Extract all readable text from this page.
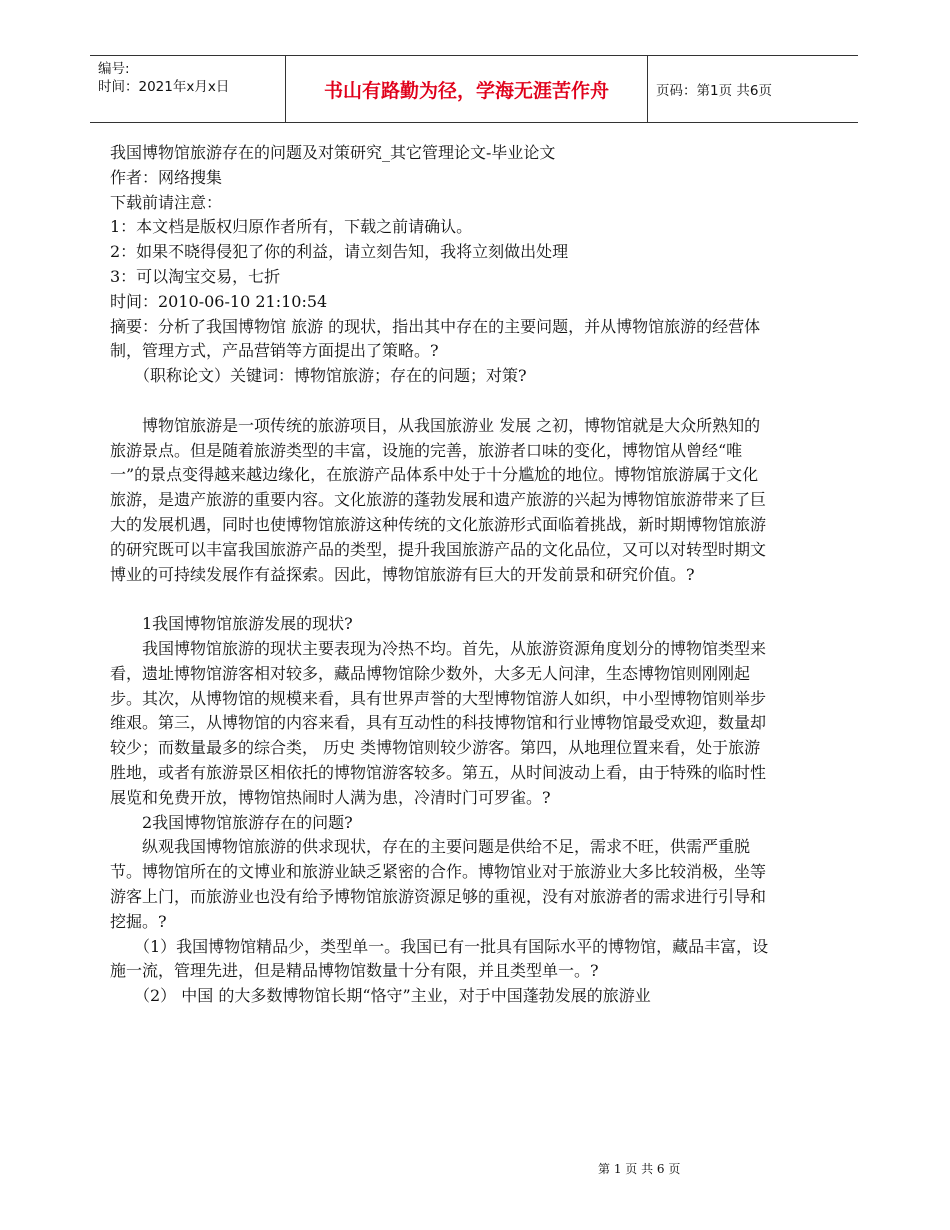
编号:
时间：2021年x月x日	书山有路勤为径，学海无涯苦作舟	页码：第1页 共6页

我国博物馆旅游存在的问题及对策研究_其它管理论文-毕业论文

作者：网络搜集

下载前请注意：

1：本文档是版权归原作者所有，下载之前请确认。

2：如果不晓得侵犯了你的利益，请立刻告知，我将立刻做出处理

3：可以淘宝交易，七折

时间：2010-06-10 21:10:54

摘要：分析了我国博物馆 旅游 的现状，指出其中存在的主要问题，并从博物馆旅游的经营体制，管理方式，产品营销等方面提出了策略。?

（职称论文）关键词：博物馆旅游；存在的问题；对策?

博物馆旅游是一项传统的旅游项目，从我国旅游业 发展 之初，博物馆就是大众所熟知的旅游景点。但是随着旅游类型的丰富，设施的完善，旅游者口味的变化，博物馆从曾经“唯一”的景点变得越来越边缘化，在旅游产品体系中处于十分尴尬的地位。博物馆旅游属于文化旅游，是遗产旅游的重要内容。文化旅游的蓬勃发展和遗产旅游的兴起为博物馆旅游带来了巨大的发展机遇，同时也使博物馆旅游这种传统的文化旅游形式面临着挑战，新时期博物馆旅游的研究既可以丰富我国旅游产品的类型，提升我国旅游产品的文化品位，又可以对转型时期文博业的可持续发展作有益探索。因此，博物馆旅游有巨大的开发前景和研究价值。?

1我国博物馆旅游发展的现状?

我国博物馆旅游的现状主要表现为冷热不均。首先，从旅游资源角度划分的博物馆类型来看，遗址博物馆游客相对较多，藏品博物馆除少数外，大多无人问津，生态博物馆则刚刚起步。其次，从博物馆的规模来看，具有世界声誉的大型博物馆游人如织，中小型博物馆则举步维艰。第三，从博物馆的内容来看，具有互动性的科技博物馆和行业博物馆最受欢迎，数量却较少；而数量最多的综合类， 历史 类博物馆则较少游客。第四，从地理位置来看，处于旅游胜地，或者有旅游景区相依托的博物馆游客较多。第五，从时间波动上看，由于特殊的临时性展览和免费开放，博物馆热闹时人满为患，冷清时门可罗雀。?

2我国博物馆旅游存在的问题?

纵观我国博物馆旅游的供求现状，存在的主要问题是供给不足，需求不旺，供需严重脱节。博物馆所在的文博业和旅游业缺乏紧密的合作。博物馆业对于旅游业大多比较消极，坐等游客上门，而旅游业也没有给予博物馆旅游资源足够的重视，没有对旅游者的需求进行引导和挖掘。?

（1）我国博物馆精品少，类型单一。我国已有一批具有国际水平的博物馆，藏品丰富，设施一流，管理先进，但是精品博物馆数量十分有限，并且类型单一。?

（2） 中国 的大多数博物馆长期“恪守”主业，对于中国蓬勃发展的旅游业

第 1 页 共 6 页
